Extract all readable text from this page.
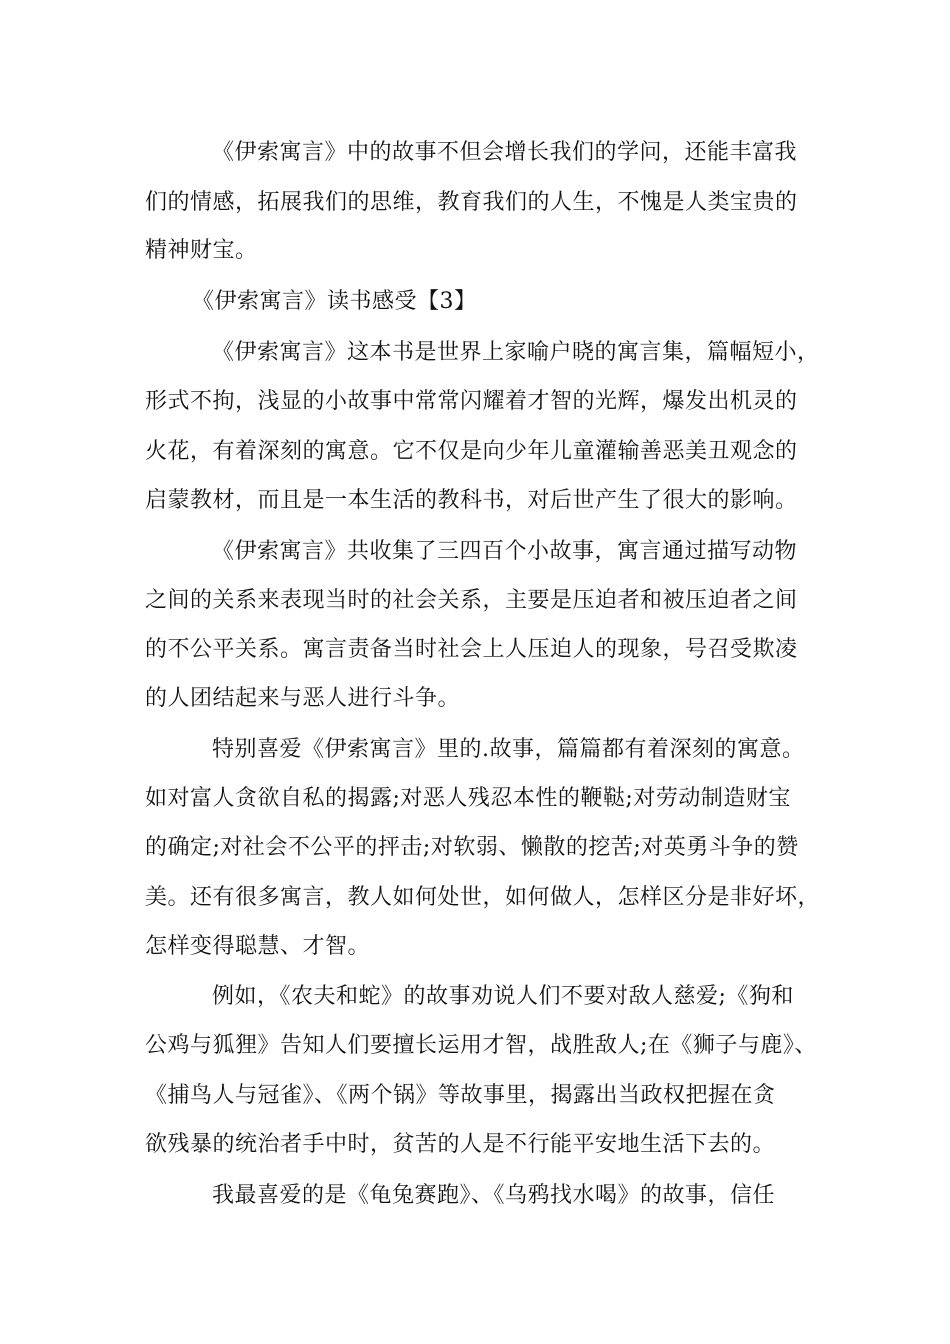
《伊索寓言》中的故事不但会增长我们的学问，还能丰富我
们的情感，拓展我们的思维，教育我们的人生，不愧是人类宝贵的
精神财宝。
《伊索寓言》读书感受【3】
《伊索寓言》这本书是世界上家喻户晓的寓言集，篇幅短小，
形式不拘，浅显的小故事中常常闪耀着才智的光辉，爆发出机灵的
火花，有着深刻的寓意。它不仅是向少年儿童灌输善恶美丑观念的
启蒙教材，而且是一本生活的教科书，对后世产生了很大的影响。
《伊索寓言》共收集了三四百个小故事，寓言通过描写动物
之间的关系来表现当时的社会关系，主要是压迫者和被压迫者之间
的不公平关系。寓言责备当时社会上人压迫人的现象，号召受欺凌
的人团结起来与恶人进行斗争。
特别喜爱《伊索寓言》里的.故事，篇篇都有着深刻的寓意。
如对富人贪欲自私的揭露;对恶人残忍本性的鞭鞑;对劳动制造财宝
的确定;对社会不公平的抨击;对软弱、懒散的挖苦;对英勇斗争的赞
美。还有很多寓言，教人如何处世，如何做人，怎样区分是非好坏，
怎样变得聪慧、才智。
例如，《农夫和蛇》的故事劝说人们不要对敌人慈爱;《狗和
公鸡与狐狸》告知人们要擅长运用才智，战胜敌人;在《狮子与鹿》、
《捕鸟人与冠雀》、《两个锅》等故事里，揭露出当政权把握在贪
欲残暴的统治者手中时，贫苦的人是不行能平安地生活下去的。
我最喜爱的是《龟兔赛跑》、《乌鸦找水喝》的故事，信任
